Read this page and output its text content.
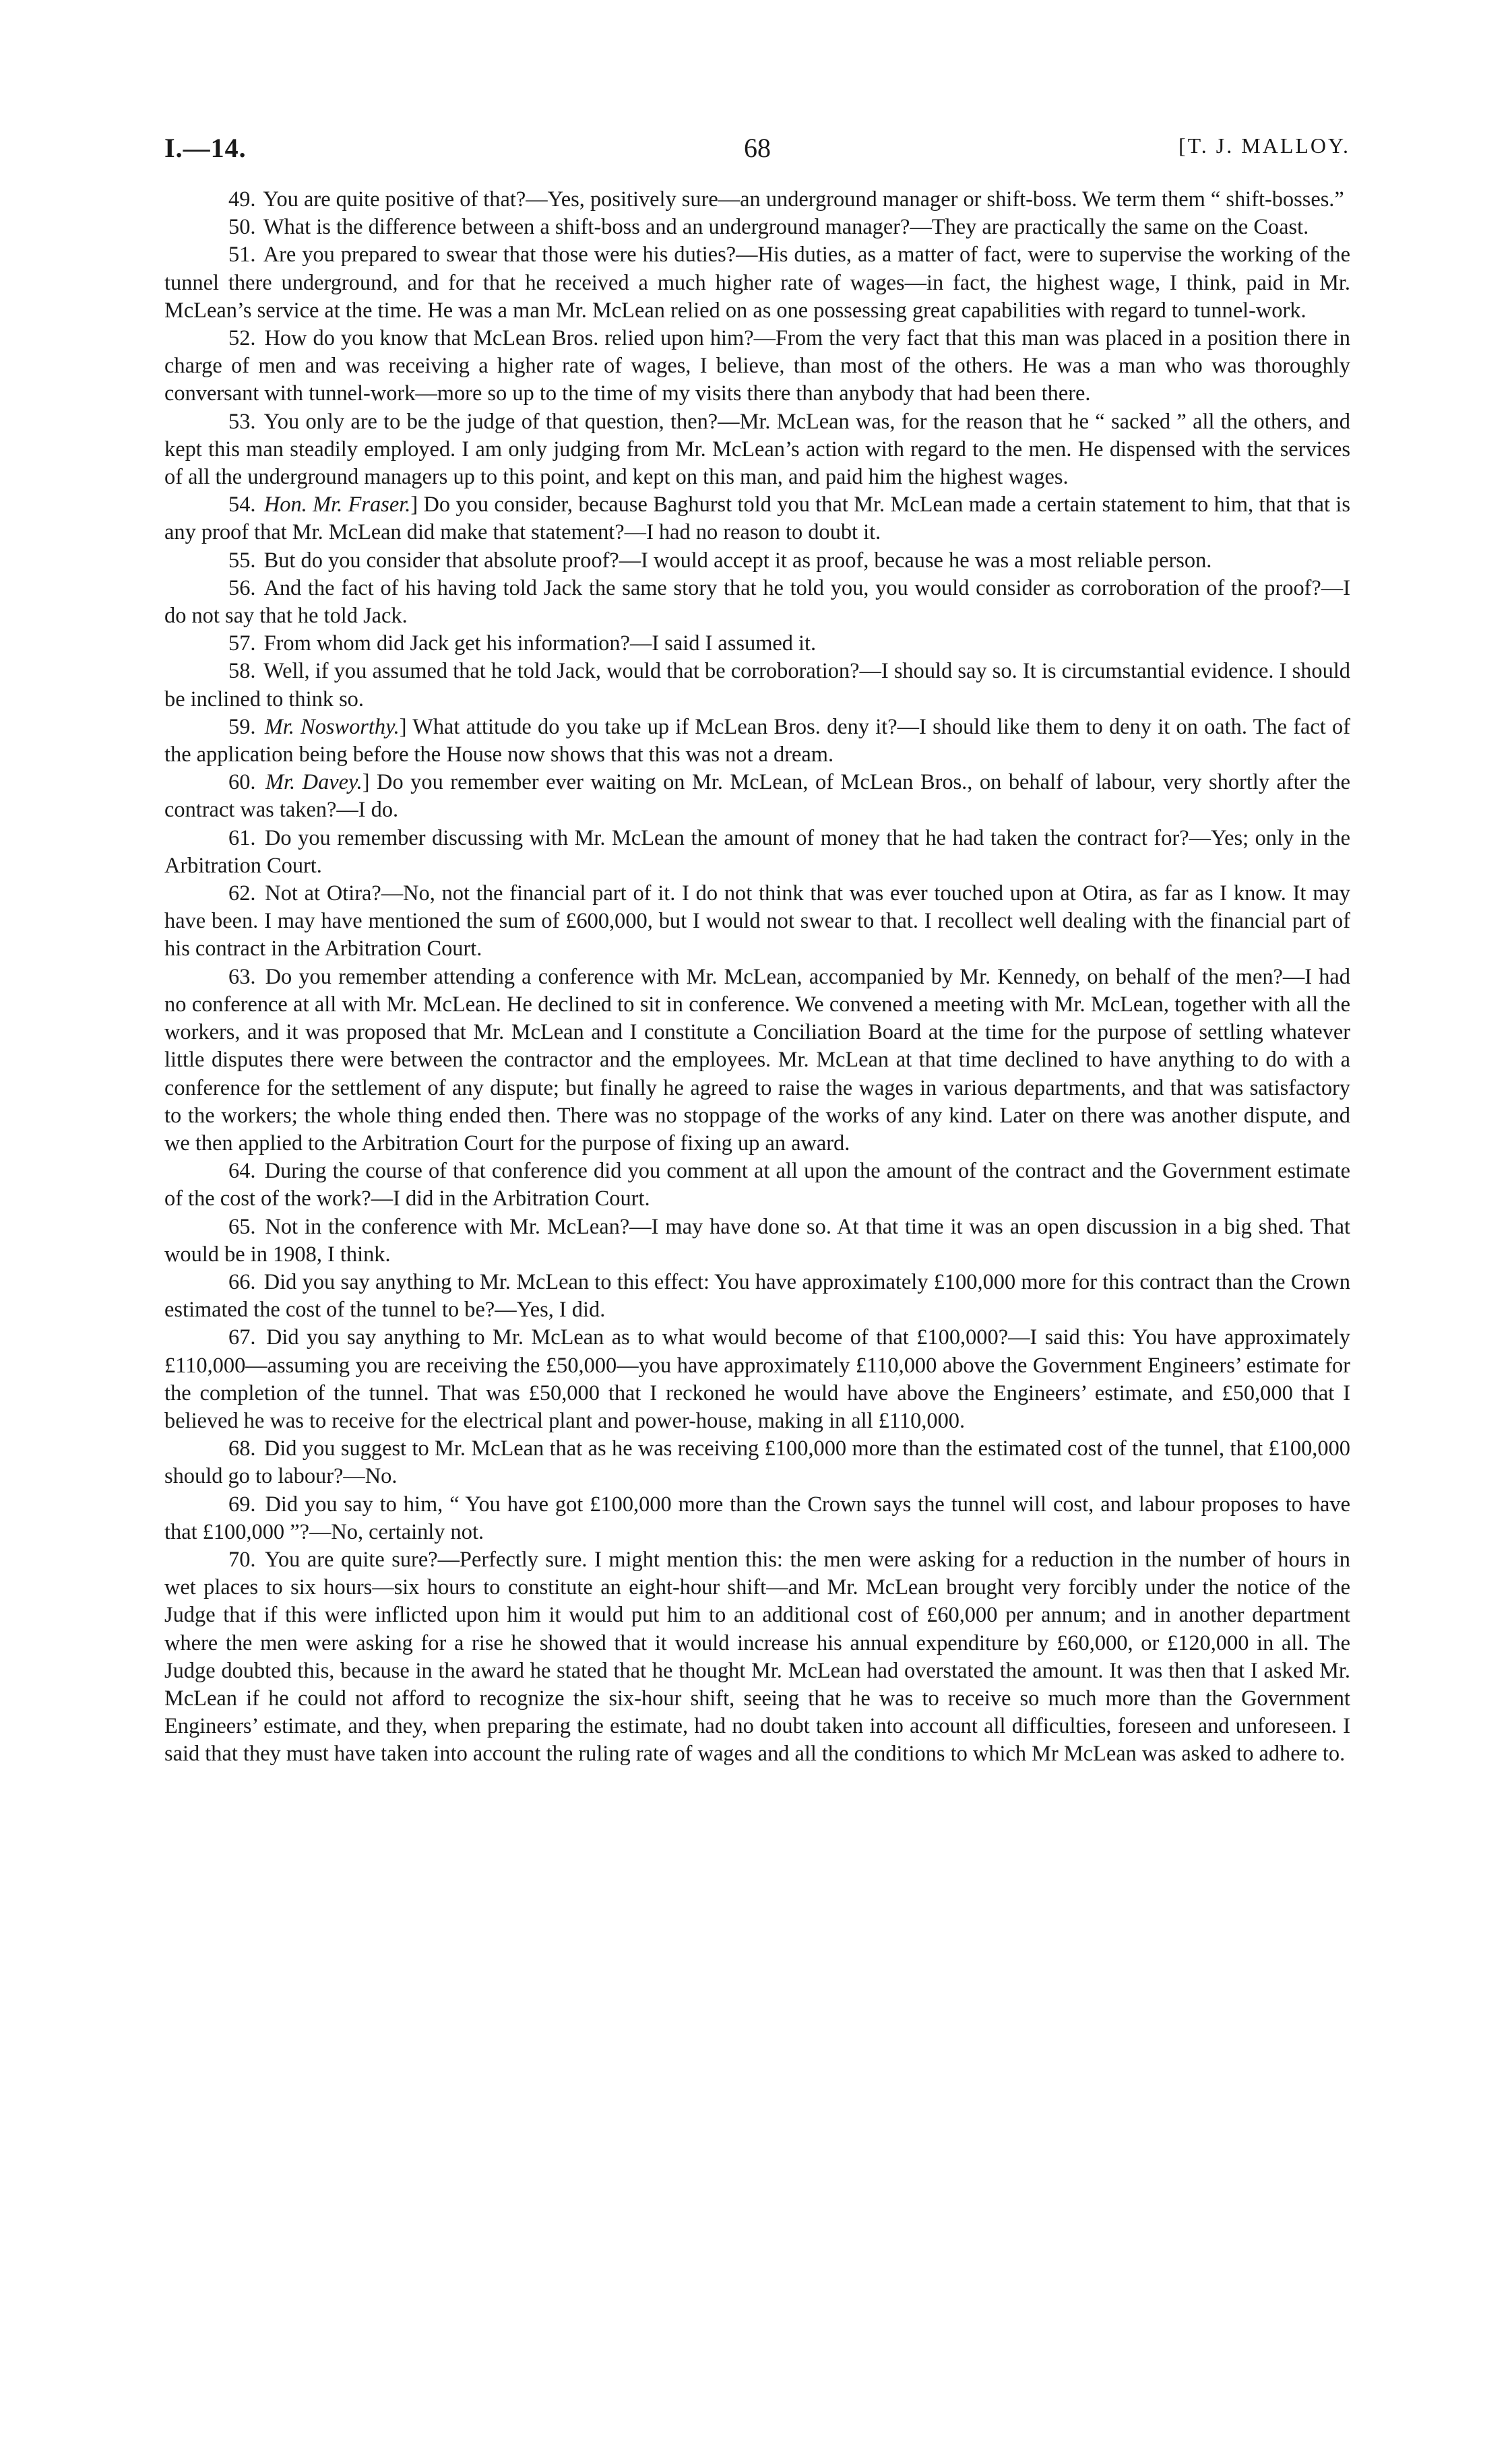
I.—14.	68	[T. J. MALLOY.

49. You are quite positive of that?—Yes, positively sure—an underground manager or shift-boss. We term them “ shift-bosses.”

50. What is the difference between a shift-boss and an underground manager?—They are practically the same on the Coast.

51. Are you prepared to swear that those were his duties?—His duties, as a matter of fact, were to supervise the working of the tunnel there underground, and for that he received a much higher rate of wages—in fact, the highest wage, I think, paid in Mr. McLean’s service at the time. He was a man Mr. McLean relied on as one possessing great capabilities with regard to tunnel-work.

52. How do you know that McLean Bros. relied upon him?—From the very fact that this man was placed in a position there in charge of men and was receiving a higher rate of wages, I believe, than most of the others. He was a man who was thoroughly conversant with tunnel-work—more so up to the time of my visits there than anybody that had been there.

53. You only are to be the judge of that question, then?—Mr. McLean was, for the reason that he “ sacked ” all the others, and kept this man steadily employed. I am only judging from Mr. McLean’s action with regard to the men. He dispensed with the services of all the underground managers up to this point, and kept on this man, and paid him the highest wages.

54. Hon. Mr. Fraser.] Do you consider, because Baghurst told you that Mr. McLean made a certain statement to him, that that is any proof that Mr. McLean did make that statement?—I had no reason to doubt it.

55. But do you consider that absolute proof?—I would accept it as proof, because he was a most reliable person.

56. And the fact of his having told Jack the same story that he told you, you would consider as corroboration of the proof?—I do not say that he told Jack.

57. From whom did Jack get his information?—I said I assumed it.

58. Well, if you assumed that he told Jack, would that be corroboration?—I should say so. It is circumstantial evidence. I should be inclined to think so.

59. Mr. Nosworthy.] What attitude do you take up if McLean Bros. deny it?—I should like them to deny it on oath. The fact of the application being before the House now shows that this was not a dream.

60. Mr. Davey.] Do you remember ever waiting on Mr. McLean, of McLean Bros., on behalf of labour, very shortly after the contract was taken?—I do.

61. Do you remember discussing with Mr. McLean the amount of money that he had taken the contract for?—Yes; only in the Arbitration Court.

62. Not at Otira?—No, not the financial part of it. I do not think that was ever touched upon at Otira, as far as I know. It may have been. I may have mentioned the sum of £600,000, but I would not swear to that. I recollect well dealing with the financial part of his contract in the Arbitration Court.

63. Do you remember attending a conference with Mr. McLean, accompanied by Mr. Kennedy, on behalf of the men?—I had no conference at all with Mr. McLean. He declined to sit in conference. We convened a meeting with Mr. McLean, together with all the workers, and it was proposed that Mr. McLean and I constitute a Conciliation Board at the time for the purpose of settling whatever little disputes there were between the contractor and the employees. Mr. McLean at that time declined to have anything to do with a conference for the settlement of any dispute; but finally he agreed to raise the wages in various departments, and that was satisfactory to the workers; the whole thing ended then. There was no stoppage of the works of any kind. Later on there was another dispute, and we then applied to the Arbitration Court for the purpose of fixing up an award.

64. During the course of that conference did you comment at all upon the amount of the contract and the Government estimate of the cost of the work?—I did in the Arbitration Court.

65. Not in the conference with Mr. McLean?—I may have done so. At that time it was an open discussion in a big shed. That would be in 1908, I think.

66. Did you say anything to Mr. McLean to this effect: You have approximately £100,000 more for this contract than the Crown estimated the cost of the tunnel to be?—Yes, I did.

67. Did you say anything to Mr. McLean as to what would become of that £100,000?—I said this: You have approximately £110,000—assuming you are receiving the £50,000—you have approximately £110,000 above the Government Engineers’ estimate for the completion of the tunnel. That was £50,000 that I reckoned he would have above the Engineers’ estimate, and £50,000 that I believed he was to receive for the electrical plant and power-house, making in all £110,000.

68. Did you suggest to Mr. McLean that as he was receiving £100,000 more than the estimated cost of the tunnel, that £100,000 should go to labour?—No.

69. Did you say to him, “ You have got £100,000 more than the Crown says the tunnel will cost, and labour proposes to have that £100,000 ”?—No, certainly not.

70. You are quite sure?—Perfectly sure. I might mention this: the men were asking for a reduction in the number of hours in wet places to six hours—six hours to constitute an eight-hour shift—and Mr. McLean brought very forcibly under the notice of the Judge that if this were inflicted upon him it would put him to an additional cost of £60,000 per annum; and in another department where the men were asking for a rise he showed that it would increase his annual expenditure by £60,000, or £120,000 in all. The Judge doubted this, because in the award he stated that he thought Mr. McLean had overstated the amount. It was then that I asked Mr. McLean if he could not afford to recognize the six-hour shift, seeing that he was to receive so much more than the Government Engineers’ estimate, and they, when preparing the estimate, had no doubt taken into account all difficulties, foreseen and unforeseen. I said that they must have taken into account the ruling rate of wages and all the conditions to which Mr McLean was asked to adhere to.
